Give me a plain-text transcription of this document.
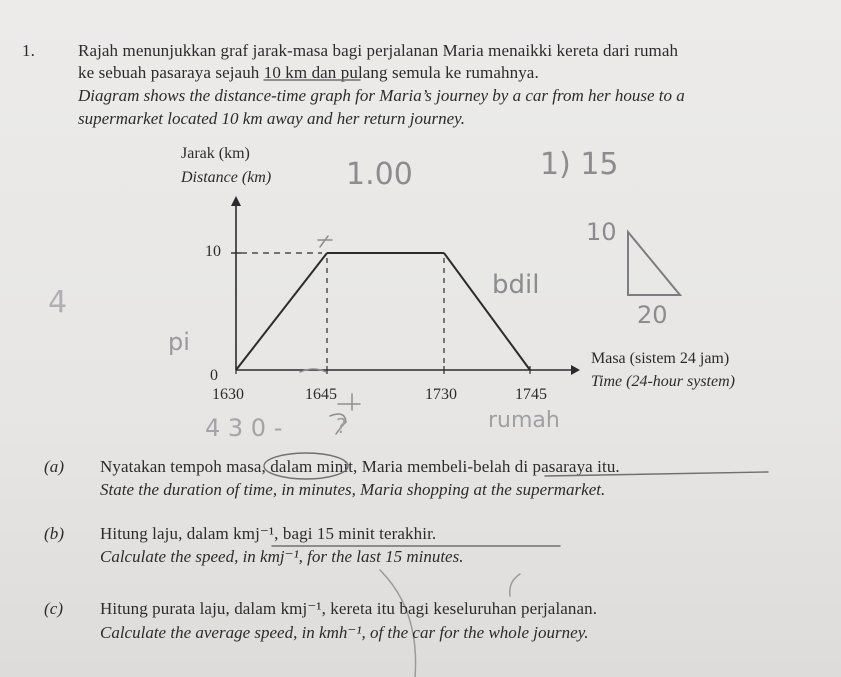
1.	Rajah menunjukkan graf jarak-masa bagi perjalanan Maria menaikki kereta dari rumah
ke sebuah pasaraya sejauh 10 km dan pulang semula ke rumahnya.
Diagram shows the distance-time graph for Maria’s journey by a car from her house to a
supermarket located 10 km away and her return journey.
Jarak (km)
Distance (km)
Masa (sistem 24 jam)
Time (24-hour system)
10
0
1630	1645	1730	1745
1.00	1) 15
10
20
bdil
4
pi
4 3 0 -	rumah
?
(a) Nyatakan tempoh masa, dalam minit, Maria membeli-belah di pasaraya itu.
State the duration of time, in minutes, Maria shopping at the supermarket.
(b) Hitung laju, dalam kmj⁻¹, bagi 15 minit terakhir.
Calculate the speed, in kmj⁻¹, for the last 15 minutes.
(c) Hitung purata laju, dalam kmj⁻¹, kereta itu bagi keseluruhan perjalanan.
Calculate the average speed, in kmh⁻¹, of the car for the whole journey.
